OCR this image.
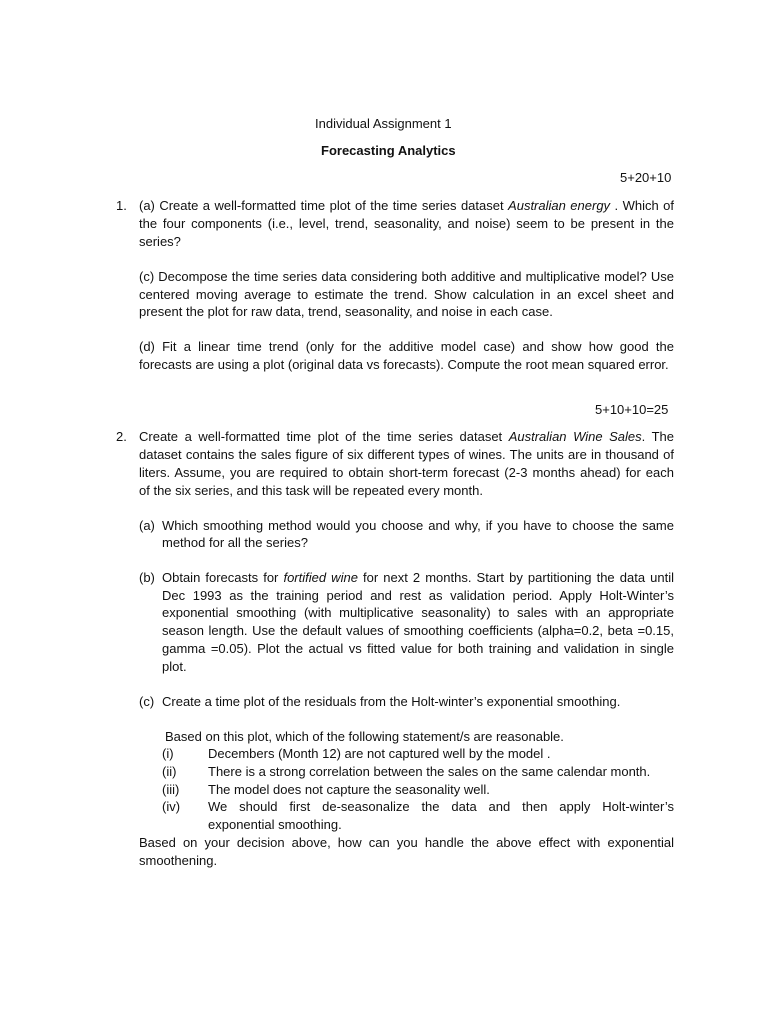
Individual Assignment 1
Forecasting Analytics
5+20+10
1. (a) Create a well-formatted time plot of the time series dataset Australian energy . Which of
the four components (i.e., level, trend, seasonality, and noise) seem to be present in the
series?
(c) Decompose the time series data considering both additive and multiplicative model? Use
centered moving average to estimate the trend. Show calculation in an excel sheet and
present the plot for raw data, trend, seasonality, and noise in each case.
(d) Fit a linear time trend (only for the additive model case) and show how good the
forecasts are using a plot (original data vs forecasts). Compute the root mean squared error.
5+10+10=25
2. Create a well-formatted time plot of the time series dataset Australian Wine Sales. The
dataset contains the sales figure of six different types of wines. The units are in thousand of
liters. Assume, you are required to obtain short-term forecast (2-3 months ahead) for each
of the six series, and this task will be repeated every month.
(a) Which smoothing method would you choose and why, if you have to choose the same
method for all the series?
(b) Obtain forecasts for fortified wine for next 2 months. Start by partitioning the data until
Dec 1993 as the training period and rest as validation period. Apply Holt-Winter’s
exponential smoothing (with multiplicative seasonality) to sales with an appropriate
season length. Use the default values of smoothing coefficients (alpha=0.2, beta =0.15,
gamma =0.05). Plot the actual vs fitted value for both training and validation in single
plot.
(c) Create a time plot of the residuals from the Holt-winter’s exponential smoothing.
Based on this plot, which of the following statement/s are reasonable.
(i)	Decembers (Month 12) are not captured well by the model .
(ii) There is a strong correlation between the sales on the same calendar month.
(iii) The model does not capture the seasonality well.
(iv) We should first de-seasonalize the data and then apply Holt-winter’s
exponential smoothing.
Based on your decision above, how can you handle the above effect with exponential
smoothening.
